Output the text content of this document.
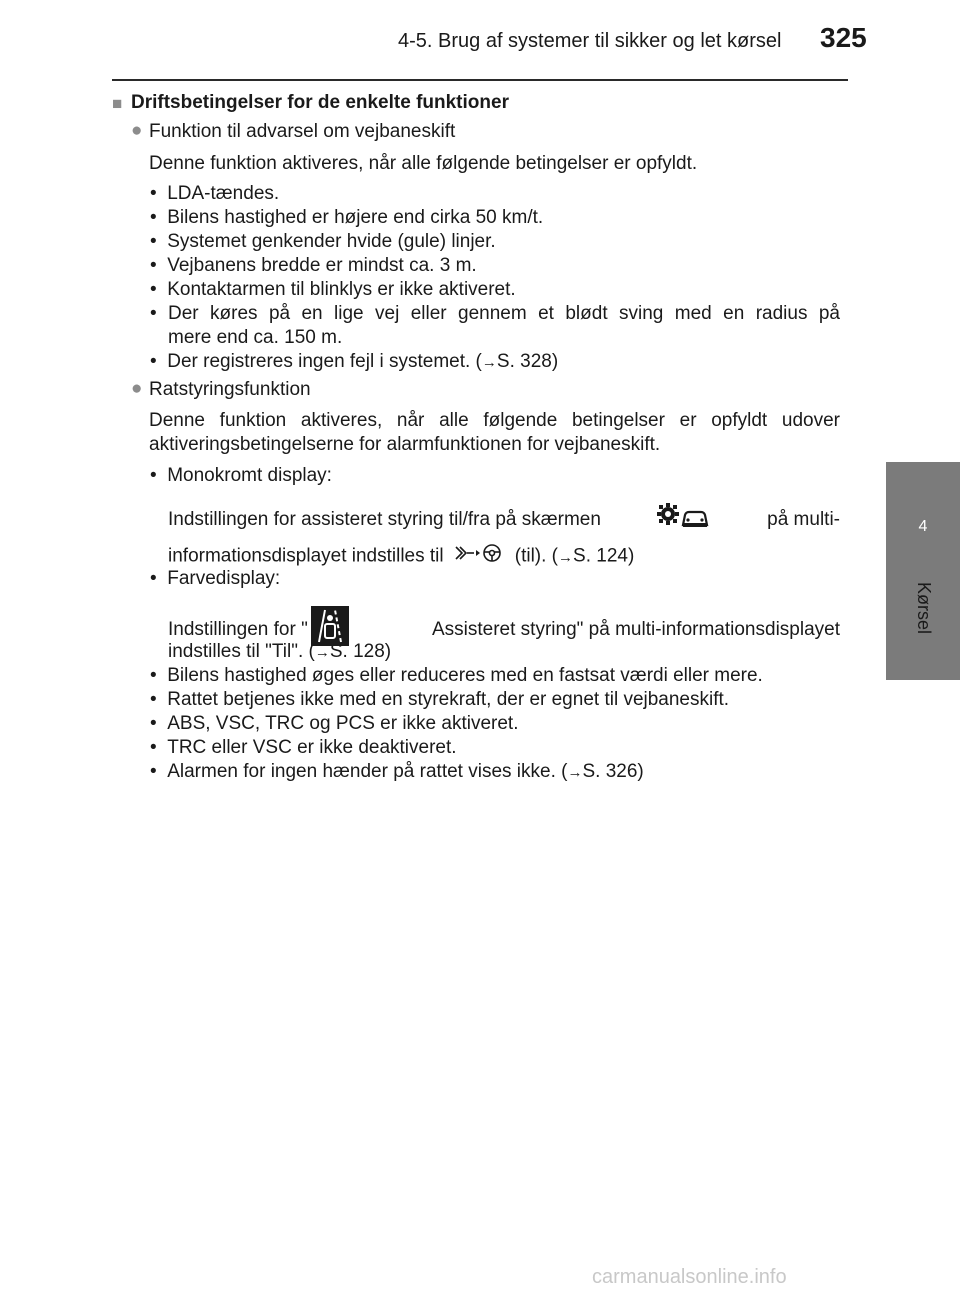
4-5. Brug af systemer til sikker og let kørsel 325
4
Kørsel
■ Driftsbetingelser for de enkelte funktioner
● Funktion til advarsel om vejbaneskift
Denne funktion aktiveres, når alle følgende betingelser er opfyldt.
•  LDA-tændes.
•  Bilens hastighed er højere end cirka 50 km/t.
•  Systemet genkender hvide (gule) linjer.
•  Vejbanens bredde er mindst ca. 3 m.
•  Kontaktarmen til blinklys er ikke aktiveret.
• Der køres på en lige vej eller gennem et blødt sving med en radius på
mere end ca. 150 m.
•  Der registreres ingen fejl i systemet. (→S. 328)
● Ratstyringsfunktion
Denne funktion aktiveres, når alle følgende betingelser er opfyldt udover
aktiveringsbetingelserne for alarmfunktionen for vejbaneskift.
•  Monokromt display:
Indstillingen for assisteret styring til/fra på skærmen	på multi-
informationsdisplayet indstilles til	(til). (→S. 124)
•  Farvedisplay:
Indstillingen for "	Assisteret styring" på multi-informationsdisplayet
indstilles til "Til". (→S. 128)
•  Bilens hastighed øges eller reduceres med en fastsat værdi eller mere.
•  Rattet betjenes ikke med en styrekraft, der er egnet til vejbaneskift.
•  ABS, VSC, TRC og PCS er ikke aktiveret.
•  TRC eller VSC er ikke deaktiveret.
•  Alarmen for ingen hænder på rattet vises ikke. (→S. 326)
carmanualsonline.info
